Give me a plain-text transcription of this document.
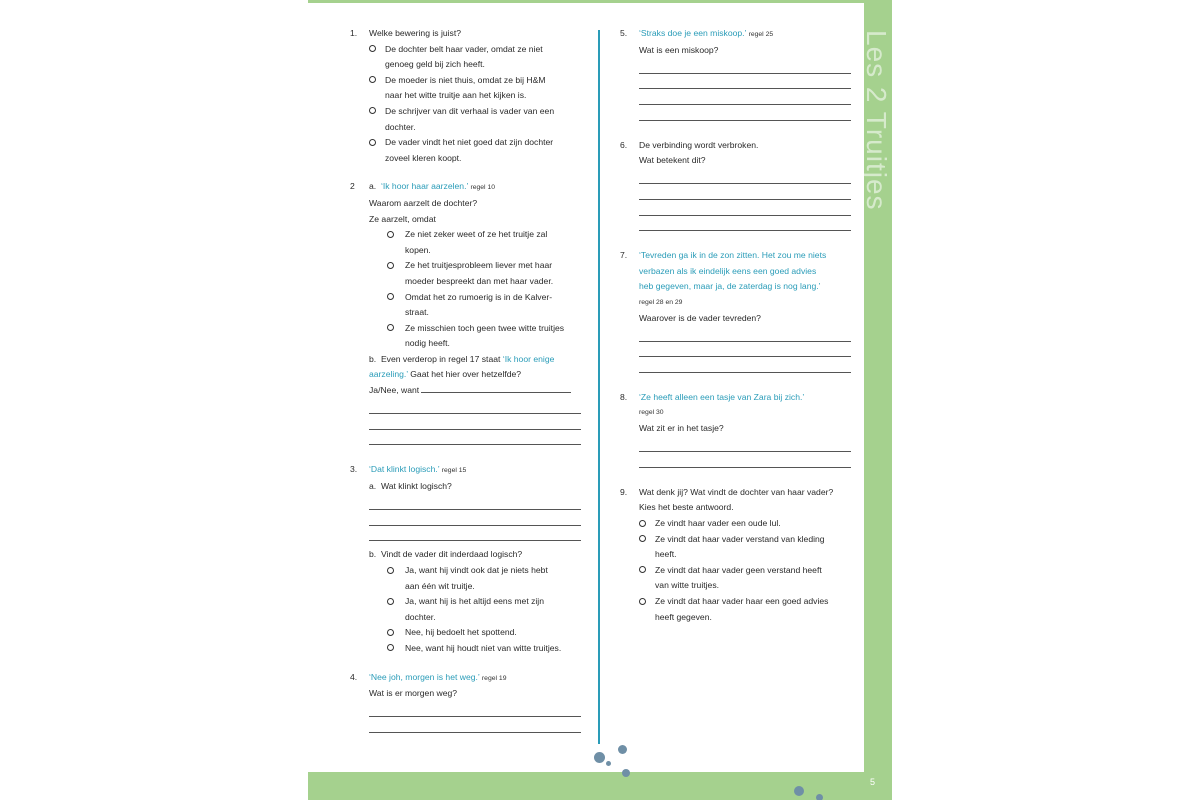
Les 2 Truitjes
5
1. Welke bewering is juist?
De dochter belt haar vader, omdat ze niet
genoeg geld bij zich heeft.
De moeder is niet thuis, omdat ze bij H&M
naar het witte truitje aan het kijken is.
De schrijver van dit verhaal is vader van een
dochter.
De vader vindt het niet goed dat zijn dochter
zoveel kleren koopt.
2 a. ‘Ik hoor haar aarzelen.’ regel 10
Waarom aarzelt de dochter?
Ze aarzelt, omdat
Ze niet zeker weet of ze het truitje zal
kopen.
Ze het truitjesprobleem liever met haar
moeder bespreekt dan met haar vader.
Omdat het zo rumoerig is in de Kalver-
straat.
Ze misschien toch geen twee witte truitjes
nodig heeft.
b. Even verderop in regel 17 staat ‘Ik hoor enige
aarzeling.’ Gaat het hier over hetzelfde?
Ja/Nee, want
3. ‘Dat klinkt logisch.’ regel 15
a. Wat klinkt logisch?
b. Vindt de vader dit inderdaad logisch?
Ja, want hij vindt ook dat je niets hebt
aan één wit truitje.
Ja, want hij is het altijd eens met zijn
dochter.
Nee, hij bedoelt het spottend.
Nee, want hij houdt niet van witte truitjes.
4. ‘Nee joh, morgen is het weg.’ regel 19
Wat is er morgen weg?
5. ‘Straks doe je een miskoop.’ regel 25
Wat is een miskoop?
6. De verbinding wordt verbroken.
Wat betekent dit?
7. ‘Tevreden ga ik in de zon zitten. Het zou me niets
verbazen als ik eindelijk eens een goed advies
heb gegeven, maar ja, de zaterdag is nog lang.’
regel 28 en 29
Waarover is de vader tevreden?
8. ‘Ze heeft alleen een tasje van Zara bij zich.’
regel 30
Wat zit er in het tasje?
9. Wat denk jij? Wat vindt de dochter van haar vader?
Kies het beste antwoord.
Ze vindt haar vader een oude lul.
Ze vindt dat haar vader verstand van kleding
heeft.
Ze vindt dat haar vader geen verstand heeft
van witte truitjes.
Ze vindt dat haar vader haar een goed advies
heeft gegeven.
